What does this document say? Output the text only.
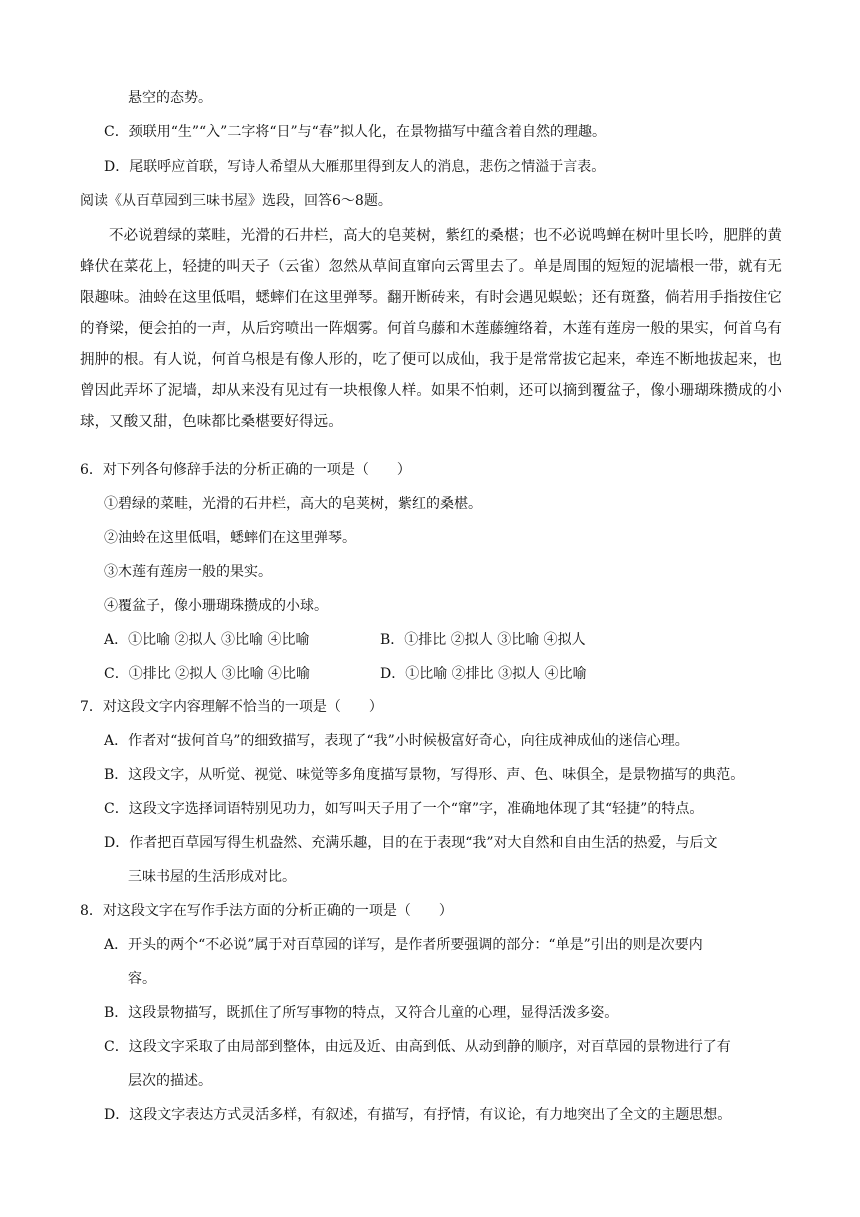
悬空的态势。
C．颈联用“生”“入”二字将“日”与“春”拟人化，在景物描写中蕴含着自然的理趣。
D．尾联呼应首联，写诗人希望从大雁那里得到友人的消息，悲伤之情溢于言表。
阅读《从百草园到三味书屋》选段，回答6～8题。
不必说碧绿的菜畦，光滑的石井栏，高大的皂荚树，紫红的桑椹；也不必说鸣蝉在树叶里长吟，肥胖的黄蜂伏在菜花上，轻捷的叫天子（云雀）忽然从草间直窜向云霄里去了。单是周围的短短的泥墙根一带，就有无限趣味。油蛉在这里低唱，蟋蟀们在这里弹琴。翻开断砖来，有时会遇见蜈蚣；还有斑蝥，倘若用手指按住它的脊梁，便会拍的一声，从后窍喷出一阵烟雾。何首乌藤和木莲藤缠络着，木莲有莲房一般的果实，何首乌有拥肿的根。有人说，何首乌根是有像人形的，吃了便可以成仙，我于是常常拔它起来，牵连不断地拔起来，也曾因此弄坏了泥墙，却从来没有见过有一块根像人样。如果不怕刺，还可以摘到覆盆子，像小珊瑚珠攒成的小球，又酸又甜，色味都比桑椹要好得远。
6．对下列各句修辞手法的分析正确的一项是（　　）
①碧绿的菜畦，光滑的石井栏，高大的皂荚树，紫红的桑椹。
②油蛉在这里低唱，蟋蟀们在这里弹琴。
③木莲有莲房一般的果实。
④覆盆子，像小珊瑚珠攒成的小球。
A．①比喻 ②拟人 ③比喻 ④比喻	B．①排比 ②拟人 ③比喻 ④拟人
C．①排比 ②拟人 ③比喻 ④比喻	D．①比喻 ②排比 ③拟人 ④比喻
7．对这段文字内容理解不恰当的一项是（　　）
A．作者对“拔何首乌”的细致描写，表现了“我”小时候极富好奇心，向往成神成仙的迷信心理。
B．这段文字，从听觉、视觉、味觉等多角度描写景物，写得形、声、色、味俱全，是景物描写的典范。
C．这段文字选择词语特别见功力，如写叫天子用了一个“窜”字，准确地体现了其“轻捷”的特点。
D．作者把百草园写得生机盎然、充满乐趣，目的在于表现“我”对大自然和自由生活的热爱，与后文
三味书屋的生活形成对比。
8．对这段文字在写作手法方面的分析正确的一项是（　　）
A．开头的两个“不必说”属于对百草园的详写，是作者所要强调的部分：“单是”引出的则是次要内
容。
B．这段景物描写，既抓住了所写事物的特点，又符合儿童的心理，显得活泼多姿。
C．这段文字采取了由局部到整体，由远及近、由高到低、从动到静的顺序，对百草园的景物进行了有
层次的描述。
D．这段文字表达方式灵活多样，有叙述，有描写，有抒情，有议论，有力地突出了全文的主题思想。
